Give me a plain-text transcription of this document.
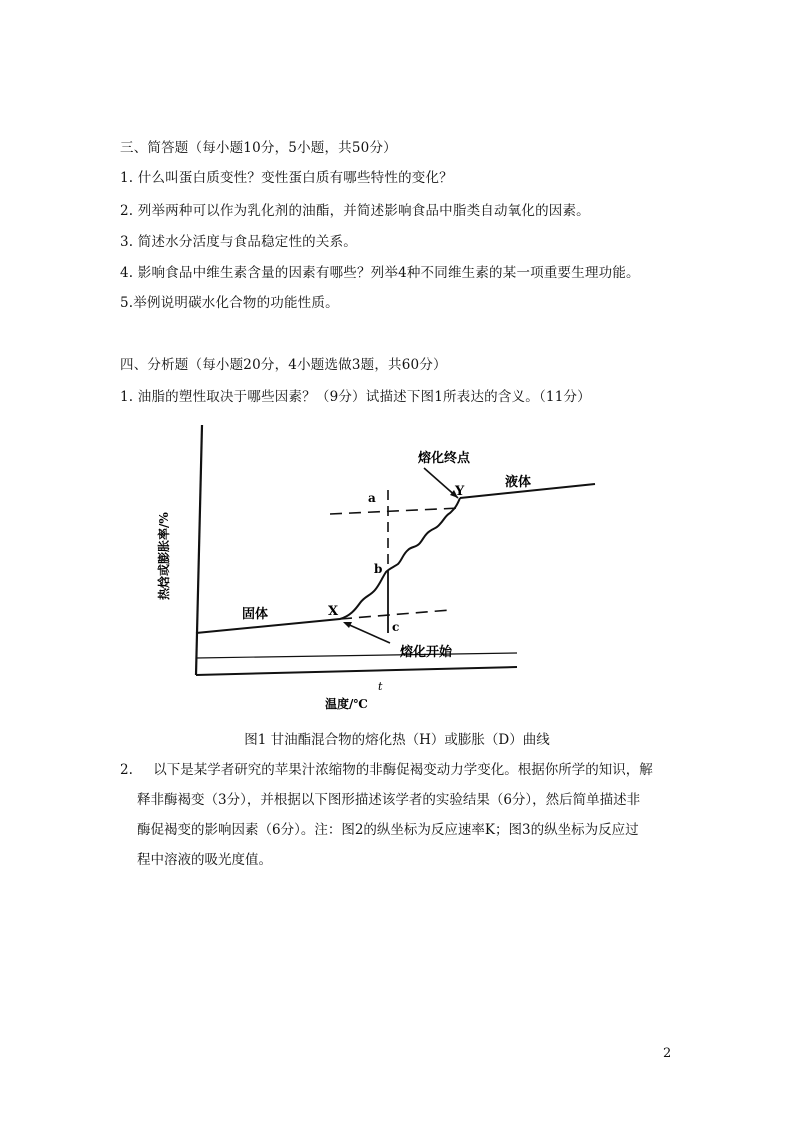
三、简答题（每小题10分，5小题，共50分）
1. 什么叫蛋白质变性？变性蛋白质有哪些特性的变化？
2. 列举两种可以作为乳化剂的油酯，并简述影响食品中脂类自动氧化的因素。
3. 简述水分活度与食品稳定性的关系。
4. 影响食品中维生素含量的因素有哪些？列举4种不同维生素的某一项重要生理功能。
5.举例说明碳水化合物的功能性质。
四、分析题（每小题20分，4小题选做3题，共60分）
1. 油脂的塑性取决于哪些因素？（9分）试描述下图1所表达的含义。（11分）
热焓或膨胀率/%
温度/℃
t
固体
液体
熔化终点
熔化开始
X
Y
a
b
c
图1 甘油酯混合物的熔化热（H）或膨胀（D）曲线
2. 以下是某学者研究的苹果汁浓缩物的非酶促褐变动力学变化。根据你所学的知识，解
释非酶褐变（3分），并根据以下图形描述该学者的实验结果（6分），然后简单描述非
酶促褐变的影响因素（6分）。注：图2的纵坐标为反应速率K；图3的纵坐标为反应过
程中溶液的吸光度值。
2
